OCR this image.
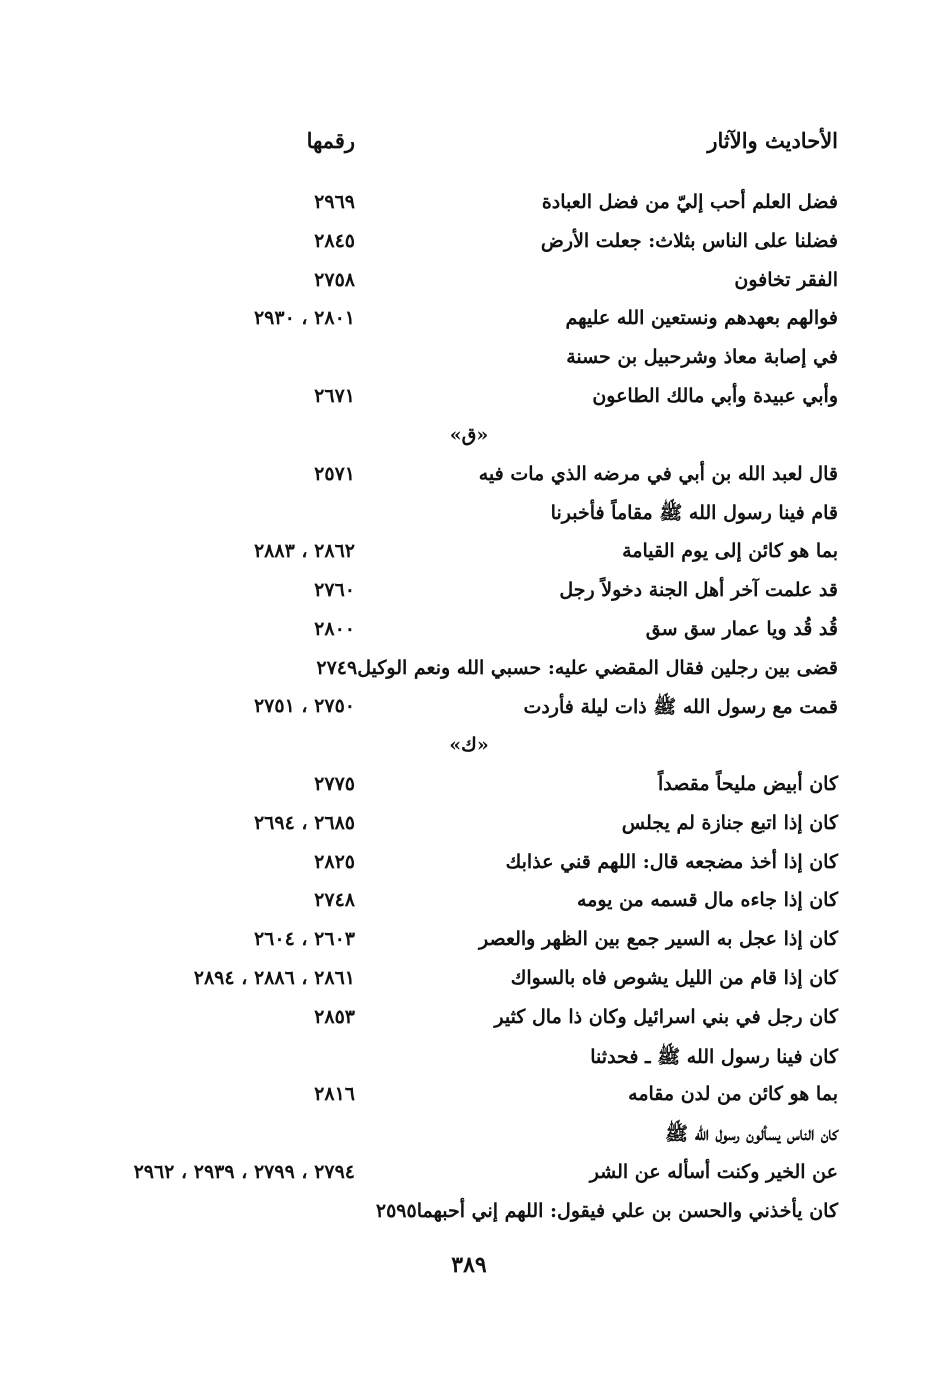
الأحاديث والآثار
رقمها
فضل العلم أحب إليّ من فضل العبادة
٢٩٦٩
فضلنا على الناس بثلاث: جعلت الأرض
٢٨٤٥
الفقر تخافون
٢٧٥٨
فوالهم بعهدهم ونستعين الله عليهم
٢٨٠١ ، ٢٩٣٠
في إصابة معاذ وشرحبيل بن حسنة
وأبي عبيدة وأبي مالك الطاعون
٢٦٧١
«ق»
قال لعبد الله بن أبي في مرضه الذي مات فيه
٢٥٧١
قام فينا رسول الله ﷺ مقاماً فأخبرنا
بما هو كائن إلى يوم القيامة
٢٨٦٢ ، ٢٨٨٣
قد علمت آخر أهل الجنة دخولاً رجل
٢٧٦٠
قُد قُد ويا عمار سق سق
٢٨٠٠
قضى بين رجلين فقال المقضي عليه: حسبي الله ونعم الوكيل٢٧٤٩
قمت مع رسول الله ﷺ ذات ليلة فأردت
٢٧٥٠ ، ٢٧٥١
«ك»
كان أبيض مليحاً مقصداً
٢٧٧٥
كان إذا اتبع جنازة لم يجلس
٢٦٨٥ ، ٢٦٩٤
كان إذا أخذ مضجعه قال: اللهم قني عذابك
٢٨٢٥
كان إذا جاءه مال قسمه من يومه
٢٧٤٨
كان إذا عجل به السير جمع بين الظهر والعصر
٢٦٠٣ ، ٢٦٠٤
كان إذا قام من الليل يشوص فاه بالسواك
٢٨٦١ ، ٢٨٨٦ ، ٢٨٩٤
كان رجل في بني اسرائيل وكان ذا مال كثير
٢٨٥٣
كان فينا رسول الله ﷺ ـ فحدثنا
بما هو كائن من لدن مقامه
٢٨١٦
كان الناس يسألون رسول الله ﷺ
عن الخير وكنت أسأله عن الشر
٢٧٩٤ ، ٢٧٩٩ ، ٢٩٣٩ ، ٢٩٦٢
كان يأخذني والحسن بن علي فيقول: اللهم إني أحبهما٢٥٩٥
٣٨٩
